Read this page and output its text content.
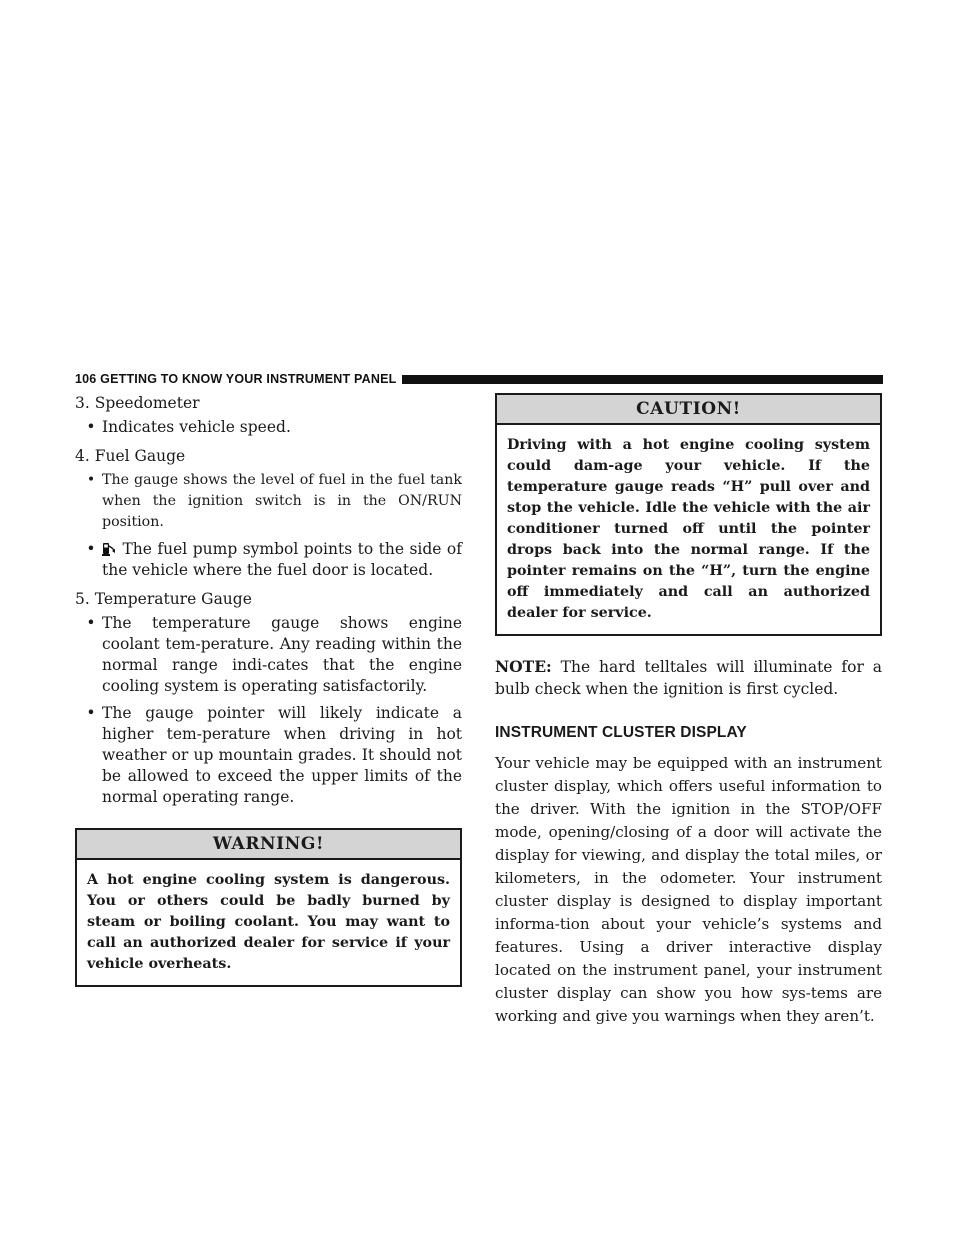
106 GETTING TO KNOW YOUR INSTRUMENT PANEL
3. Speedometer
• Indicates vehicle speed.
4. Fuel Gauge
• The gauge shows the level of fuel in the fuel tank when the ignition switch is in the ON/RUN position.
• The fuel pump symbol points to the side of the vehicle where the fuel door is located.
5. Temperature Gauge
• The temperature gauge shows engine coolant tem-perature. Any reading within the normal range indi-cates that the engine cooling system is operating satisfactorily.
• The gauge pointer will likely indicate a higher tem-perature when driving in hot weather or up mountain grades. It should not be allowed to exceed the upper limits of the normal operating range.
WARNING!
A hot engine cooling system is dangerous. You or others could be badly burned by steam or boiling coolant. You may want to call an authorized dealer for service if your vehicle overheats.
CAUTION!
Driving with a hot engine cooling system could dam-age your vehicle. If the temperature gauge reads “H” pull over and stop the vehicle. Idle the vehicle with the air conditioner turned off until the pointer drops back into the normal range. If the pointer remains on the “H”, turn the engine off immediately and call an authorized dealer for service.

NOTE: The hard telltales will illuminate for a bulb check when the ignition is first cycled.

INSTRUMENT CLUSTER DISPLAY

Your vehicle may be equipped with an instrument cluster display, which offers useful information to the driver. With the ignition in the STOP/OFF mode, opening/closing of a door will activate the display for viewing, and display the total miles, or kilometers, in the odometer. Your instrument cluster display is designed to display important informa-tion about your vehicle’s systems and features. Using a driver interactive display located on the instrument panel, your instrument cluster display can show you how sys-tems are working and give you warnings when they aren’t.
